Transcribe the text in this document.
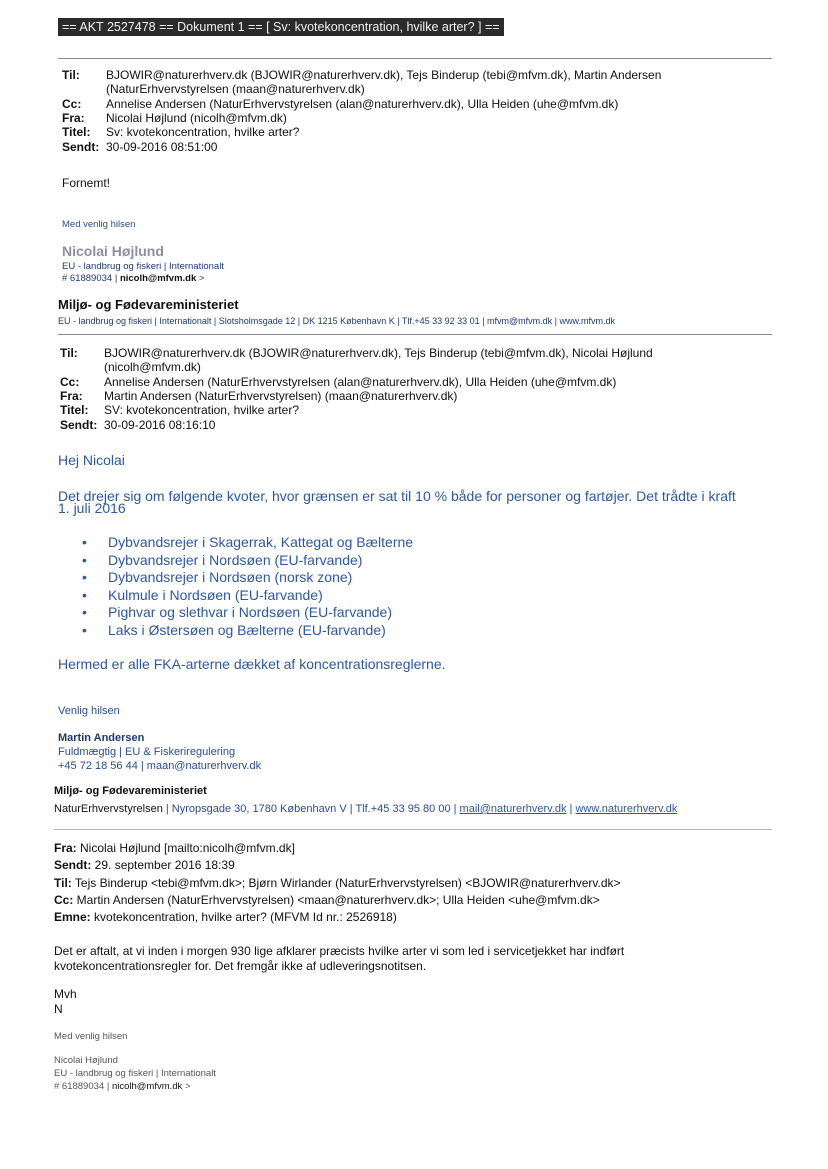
== AKT 2527478 == Dokument 1 == [ Sv: kvotekoncentration, hvilke arter? ] ==
Til: BJOWIR@naturerhverv.dk (BJOWIR@naturerhverv.dk), Tejs Binderup (tebi@mfvm.dk), Martin Andersen
(NaturErhvervstyrelsen (maan@naturerhverv.dk)
Cc: Annelise Andersen (NaturErhvervstyrelsen (alan@naturerhverv.dk), Ulla Heiden (uhe@mfvm.dk)
Fra: Nicolai Højlund (nicolh@mfvm.dk)
Titel: Sv: kvotekoncentration, hvilke arter?
Sendt: 30-09-2016 08:51:00
Fornemt!
Med venlig hilsen
Nicolai Højlund
EU - landbrug og fiskeri | Internationalt
# 61889034 | nicolh@mfvm.dk >
Miljø- og Fødevareministeriet
EU - landbrug og fiskeri | Internationalt | Slotsholmsgade 12 | DK 1215 København K | Tlf.+45 33 92 33 01 | mfvm@mfvm.dk | www.mfvm.dk
Til: BJOWIR@naturerhverv.dk (BJOWIR@naturerhverv.dk), Tejs Binderup (tebi@mfvm.dk), Nicolai Højlund
(nicolh@mfvm.dk)
Cc: Annelise Andersen (NaturErhvervstyrelsen (alan@naturerhverv.dk), Ulla Heiden (uhe@mfvm.dk)
Fra: Martin Andersen (NaturErhvervstyrelsen) (maan@naturerhverv.dk)
Titel: SV: kvotekoncentration, hvilke arter?
Sendt: 30-09-2016 08:16:10
Hej Nicolai
Det drejer sig om følgende kvoter, hvor grænsen er sat til 10 % både for personer og fartøjer. Det trådte i kraft
1. juli 2016
• Dybvandsrejer i Skagerrak, Kattegat og Bælterne
• Dybvandsrejer i Nordsøen (EU-farvande)
• Dybvandsrejer i Nordsøen (norsk zone)
• Kulmule i Nordsøen (EU-farvande)
• Pighvar og slethvar i Nordsøen (EU-farvande)
• Laks i Østersøen og Bælterne (EU-farvande)
Hermed er alle FKA-arterne dækket af koncentrationsreglerne.
Venlig hilsen
Martin Andersen
Fuldmægtig | EU & Fiskeriregulering
+45 72 18 56 44 | maan@naturerhverv.dk
Miljø- og Fødevareministeriet
NaturErhvervstyrelsen | Nyropsgade 30, 1780 København V | Tlf.+45 33 95 80 00 | mail@naturerhverv.dk | www.naturerhverv.dk
Fra: Nicolai Højlund [mailto:nicolh@mfvm.dk]
Sendt: 29. september 2016 18:39
Til: Tejs Binderup <tebi@mfvm.dk>; Bjørn Wirlander (NaturErhvervstyrelsen) <BJOWIR@naturerhverv.dk>
Cc: Martin Andersen (NaturErhvervstyrelsen) <maan@naturerhverv.dk>; Ulla Heiden <uhe@mfvm.dk>
Emne: kvotekoncentration, hvilke arter? (MFVM Id nr.: 2526918)
Det er aftalt, at vi inden i morgen 930 lige afklarer præcists hvilke arter vi som led i servicetjekket har indført
kvotekoncentrationsregler for. Det fremgår ikke af udleveringsnotitsen.
Mvh
N
Med venlig hilsen
Nicolai Højlund
EU - landbrug og fiskeri | Internationalt
# 61889034 | nicolh@mfvm.dk >
